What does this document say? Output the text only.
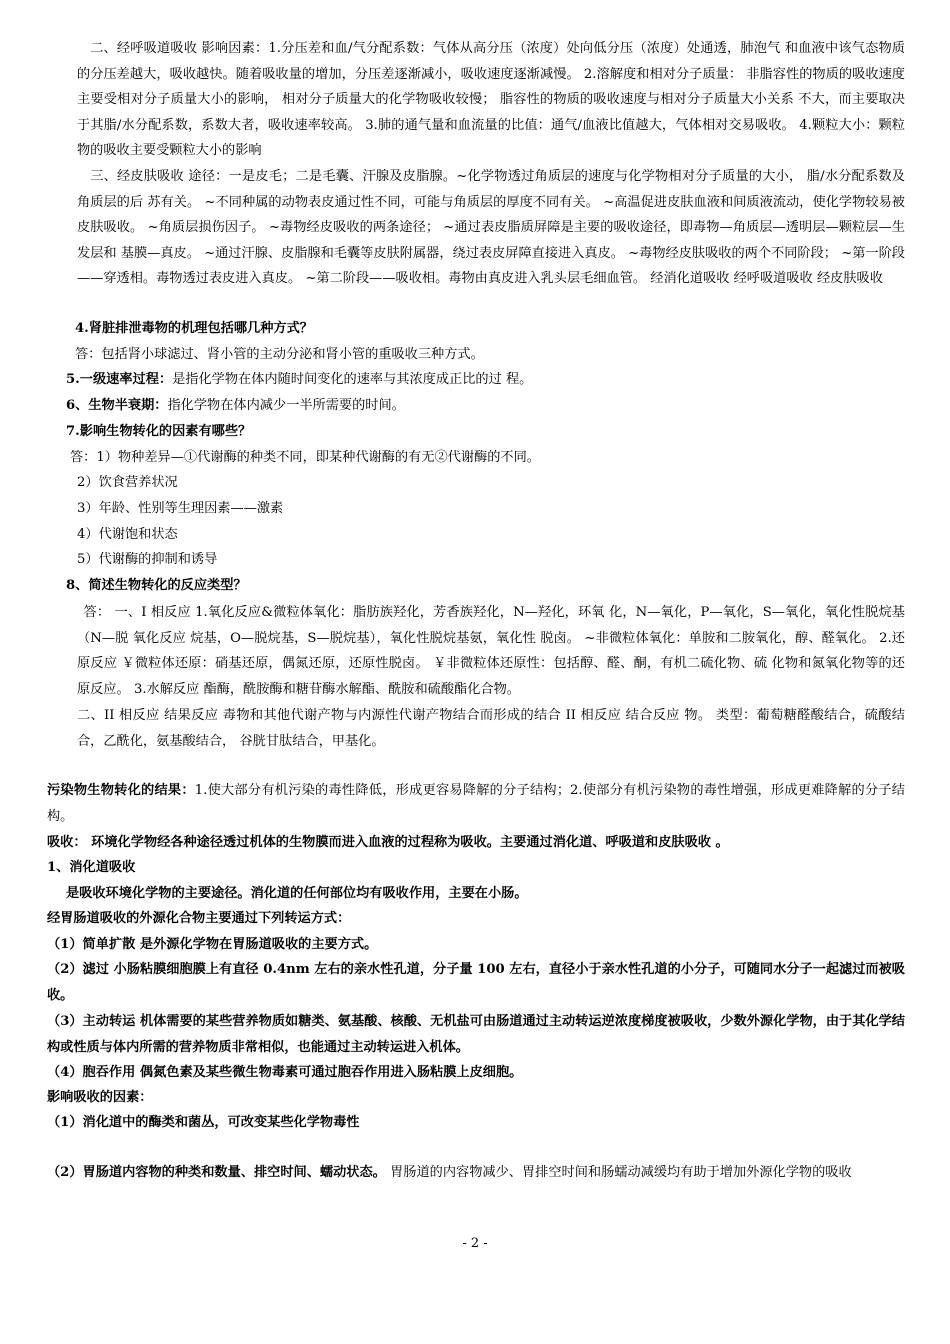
二、经呼吸道吸收 影响因素：1.分压差和血/气分配系数：气体从高分压（浓度）处向低分压（浓度）处通透，肺泡气 和血液中该气态物质的分压差越大，吸收越快。随着吸收量的增加，分压差逐渐减小，吸收速度逐渐减慢。 2.溶解度和相对分子质量： 非脂容性的物质的吸收速度主要受相对分子质量大小的影响， 相对分子质量大的化学物吸收较慢； 脂容性的物质的吸收速度与相对分子质量大小关系 不大，而主要取决于其脂/水分配系数，系数大者，吸收速率较高。 3.肺的通气量和血流量的比值：通气/血液比值越大，气体相对交易吸收。 4.颗粒大小：颗粒物的吸收主要受颗粒大小的影响
三、经皮肤吸收 途径：一是皮毛；二是毛囊、汗腺及皮脂腺。~化学物透过角质层的速度与化学物相对分子质量的大小， 脂/水分配系数及角质层的后 苏有关。 ~不同种属的动物表皮通过性不同，可能与角质层的厚度不同有关。 ~高温促进皮肤血液和间质液流动，使化学物较易被皮肤吸收。 ~角质层损伤因子。 ~毒物经皮吸收的两条途径； ~通过表皮脂质屏障是主要的吸收途径，即毒物—角质层—透明层—颗粒层—生发层和 基膜—真皮。 ~通过汗腺、皮脂腺和毛囊等皮肤附属器，绕过表皮屏障直接进入真皮。 ~毒物经皮肤吸收的两个不同阶段； ~第一阶段——穿透相。毒物透过表皮进入真皮。 ~第二阶段——吸收相。毒物由真皮进入乳头层毛细血管。 经消化道吸收 经呼吸道吸收 经皮肤吸收
4.肾脏排泄毒物的机理包括哪几种方式？
答：包括肾小球滤过、肾小管的主动分泌和肾小管的重吸收三种方式。
5.一级速率过程：是指化学物在体内随时间变化的速率与其浓度成正比的过 程。
6、生物半衰期：指化学物在体内减少一半所需要的时间。
7.影响生物转化的因素有哪些？
答：1）物种差异—①代谢酶的种类不同，即某种代谢酶的有无②代谢酶的不同。
2）饮食营养状况
3）年龄、性别等生理因素——激素
4）代谢饱和状态
5）代谢酶的抑制和诱导
8、简述生物转化的反应类型？
答： 一、I 相反应 1.氧化反应&微粒体氧化：脂肪族羟化，芳香族羟化，N—羟化，环氧 化，N—氧化，P—氧化，S—氧化，氧化性脱烷基（N—脱 氧化反应 烷基，O—脱烷基，S—脱烷基），氧化性脱烷基氨，氧化性 脱卤。 ~非微粒体氧化：单胺和二胺氧化，醇、醛氧化。 2.还原反应 ￥微粒体还原：硝基还原，偶氮还原，还原性脱卤。 ￥非微粒体还原性：包括醇、醛、酮，有机二硫化物、硫 化物和氮氧化物等的还原反应。 3.水解反应 酯酶，酰胺酶和糖苷酶水解酯、酰胺和硫酸酯化合物。
二、II 相反应 结果反应 毒物和其他代谢产物与内源性代谢产物结合而形成的结合 II 相反应 结合反应 物。 类型：葡萄糖醛酸结合，硫酸结合，乙酰化，氨基酸结合， 谷胱甘肽结合，甲基化。
污染物生物转化的结果：1.使大部分有机污染的毒性降低，形成更容易降解的分子结构；2.使部分有机污染物的毒性增强，形成更难降解的分子结构。
吸收： 环境化学物经各种途径透过机体的生物膜而进入血液的过程称为吸收。主要通过消化道、呼吸道和皮肤吸收 。
1、消化道吸收
是吸收环境化学物的主要途径。消化道的任何部位均有吸收作用，主要在小肠。
经胃肠道吸收的外源化合物主要通过下列转运方式：
（1）简单扩散 是外源化学物在胃肠道吸收的主要方式。
（2）滤过 小肠粘膜细胞膜上有直径 0.4nm 左右的亲水性孔道，分子量 100 左右，直径小于亲水性孔道的小分子，可随同水分子一起滤过而被吸收。
（3）主动转运 机体需要的某些营养物质如糖类、氨基酸、核酸、无机盐可由肠道通过主动转运逆浓度梯度被吸收，少数外源化学物，由于其化学结构或性质与体内所需的营养物质非常相似，也能通过主动转运进入机体。
（4）胞吞作用 偶氮色素及某些微生物毒素可通过胞吞作用进入肠粘膜上皮细胞。
影响吸收的因素：
（1）消化道中的酶类和菌丛，可改变某些化学物毒性
（2）胃肠道内容物的种类和数量、排空时间、蠕动状态。 胃肠道的内容物减少、胃排空时间和肠蠕动减缓均有助于增加外源化学物的吸收
- 2 -
